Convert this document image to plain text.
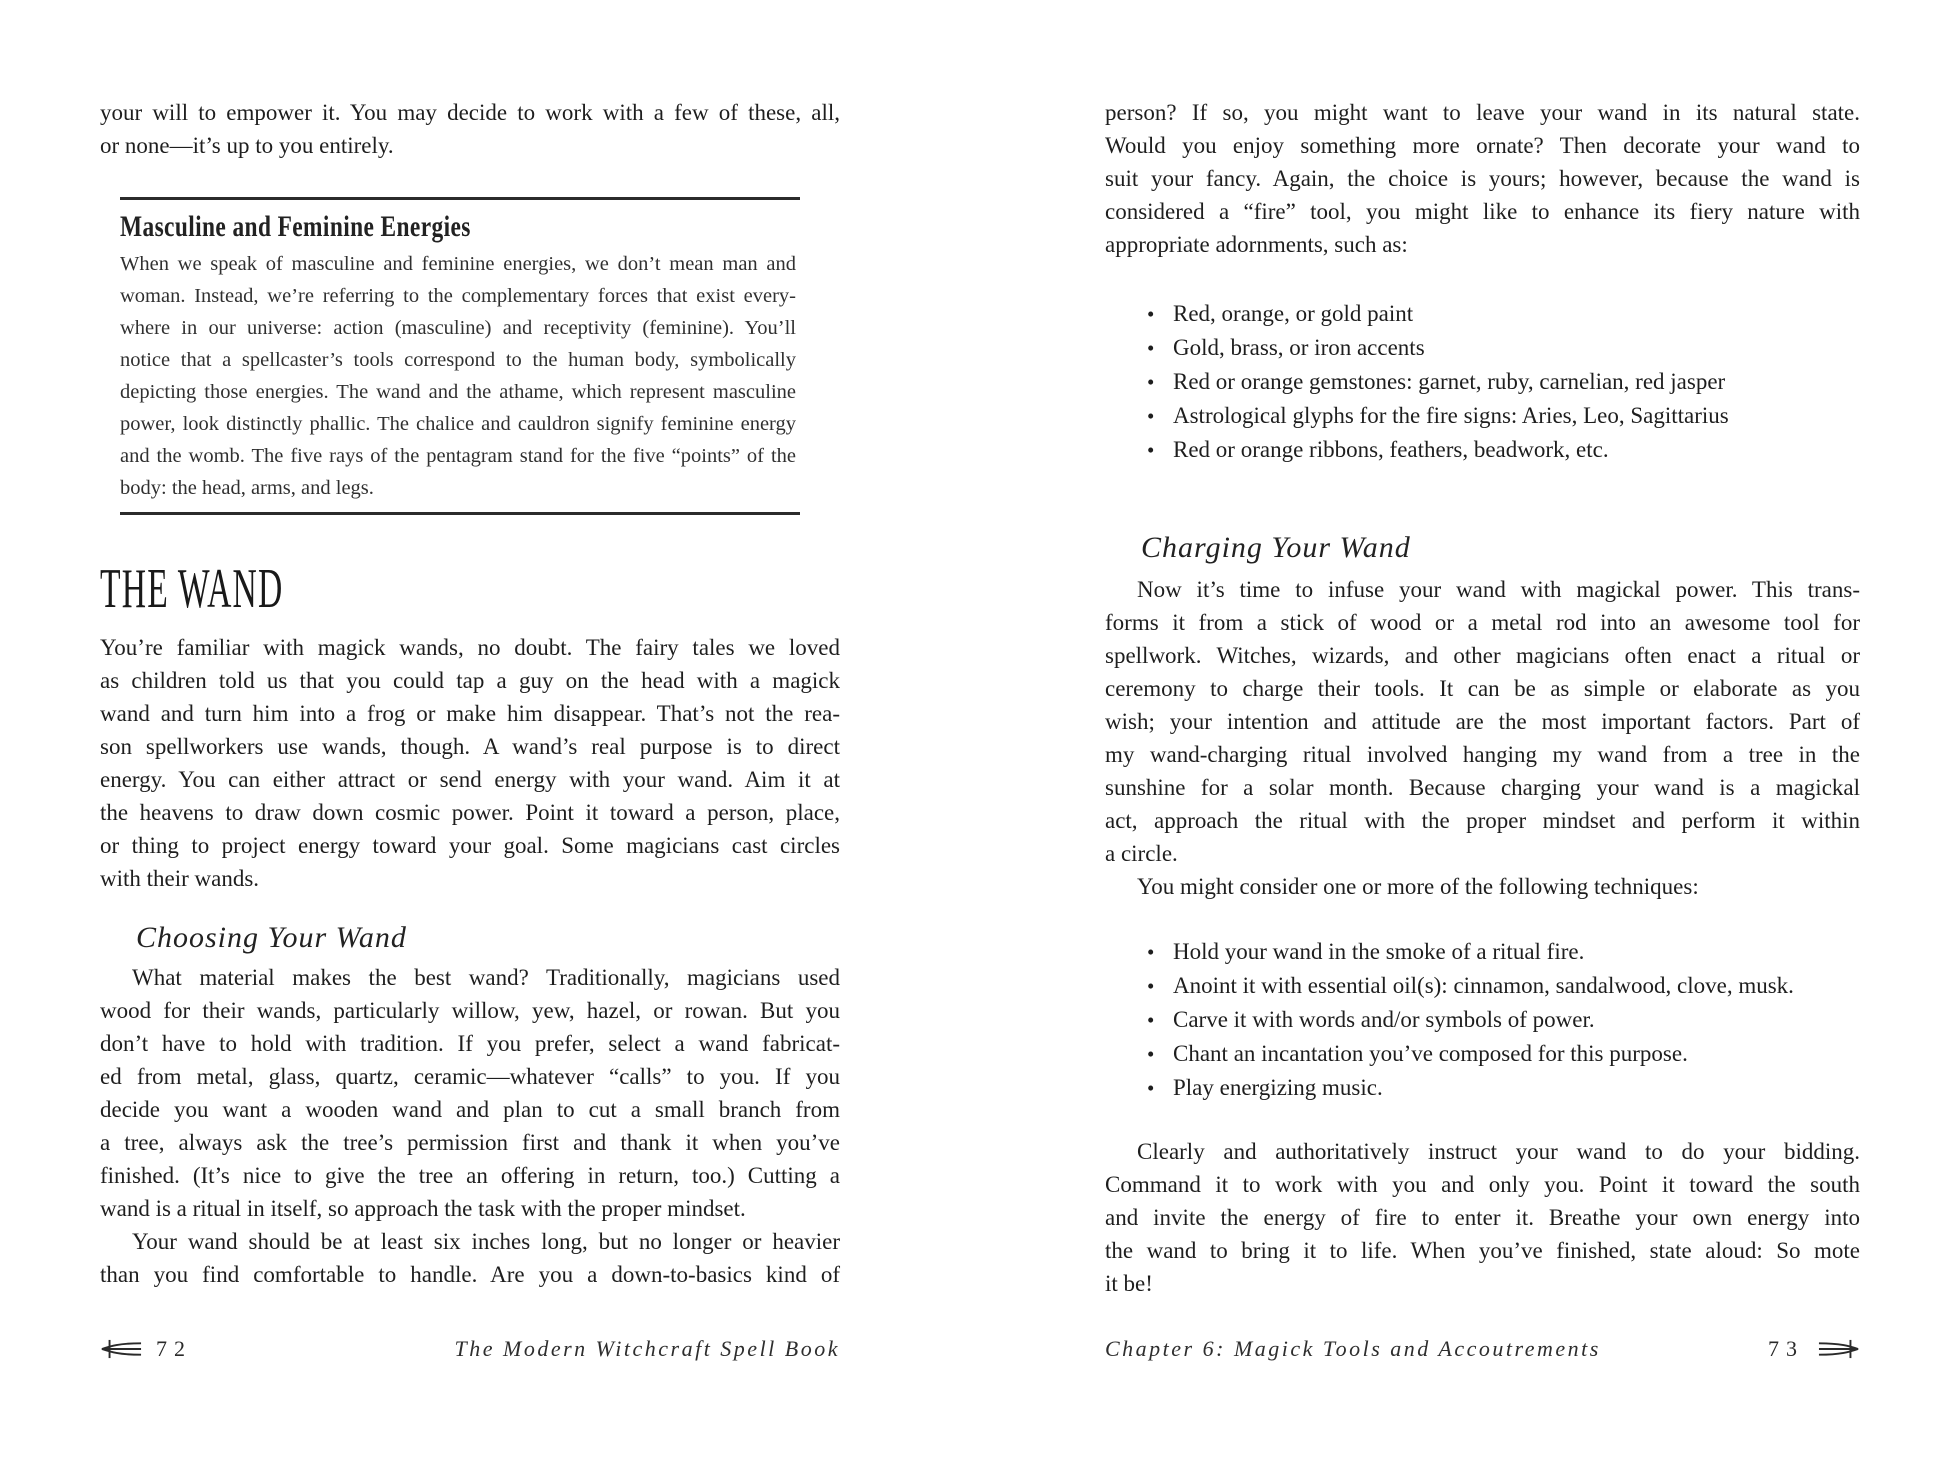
your will to empower it. You may decide to work with a few of these, all,
or none—it’s up to you entirely.
Masculine and Feminine Energies
When we speak of masculine and feminine energies, we don’t mean man and
woman. Instead, we’re referring to the complementary forces that exist every-
where in our universe: action (masculine) and receptivity (feminine). You’ll
notice that a spellcaster’s tools correspond to the human body, symbolically
depicting those energies. The wand and the athame, which represent masculine
power, look distinctly phallic. The chalice and cauldron signify feminine energy
and the womb. The five rays of the pentagram stand for the five “points” of the
body: the head, arms, and legs.
THE WAND
You’re familiar with magick wands, no doubt. The fairy tales we loved
as children told us that you could tap a guy on the head with a magick
wand and turn him into a frog or make him disappear. That’s not the rea-
son spellworkers use wands, though. A wand’s real purpose is to direct
energy. You can either attract or send energy with your wand. Aim it at
the heavens to draw down cosmic power. Point it toward a person, place,
or thing to project energy toward your goal. Some magicians cast circles
with their wands.
Choosing Your Wand
What material makes the best wand? Traditionally, magicians used
wood for their wands, particularly willow, yew, hazel, or rowan. But you
don’t have to hold with tradition. If you prefer, select a wand fabricat-
ed from metal, glass, quartz, ceramic—whatever “calls” to you. If you
decide you want a wooden wand and plan to cut a small branch from
a tree, always ask the tree’s permission first and thank it when you’ve
finished. (It’s nice to give the tree an offering in return, too.) Cutting a
wand is a ritual in itself, so approach the task with the proper mindset.
Your wand should be at least six inches long, but no longer or heavier
than you find comfortable to handle. Are you a down-to-basics kind of
72	The Modern Witchcraft Spell Book
person? If so, you might want to leave your wand in its natural state.
Would you enjoy something more ornate? Then decorate your wand to
suit your fancy. Again, the choice is yours; however, because the wand is
considered a “fire” tool, you might like to enhance its fiery nature with
appropriate adornments, such as:
• Red, orange, or gold paint
• Gold, brass, or iron accents
• Red or orange gemstones: garnet, ruby, carnelian, red jasper
• Astrological glyphs for the fire signs: Aries, Leo, Sagittarius
• Red or orange ribbons, feathers, beadwork, etc.
Charging Your Wand
Now it’s time to infuse your wand with magickal power. This trans-
forms it from a stick of wood or a metal rod into an awesome tool for
spellwork. Witches, wizards, and other magicians often enact a ritual or
ceremony to charge their tools. It can be as simple or elaborate as you
wish; your intention and attitude are the most important factors. Part of
my wand-charging ritual involved hanging my wand from a tree in the
sunshine for a solar month. Because charging your wand is a magickal
act, approach the ritual with the proper mindset and perform it within
a circle.
You might consider one or more of the following techniques:
• Hold your wand in the smoke of a ritual fire.
• Anoint it with essential oil(s): cinnamon, sandalwood, clove, musk.
• Carve it with words and/or symbols of power.
• Chant an incantation you’ve composed for this purpose.
• Play energizing music.
Clearly and authoritatively instruct your wand to do your bidding.
Command it to work with you and only you. Point it toward the south
and invite the energy of fire to enter it. Breathe your own energy into
the wand to bring it to life. When you’ve finished, state aloud: So mote
it be!
Chapter 6: Magick Tools and Accoutrements	73
